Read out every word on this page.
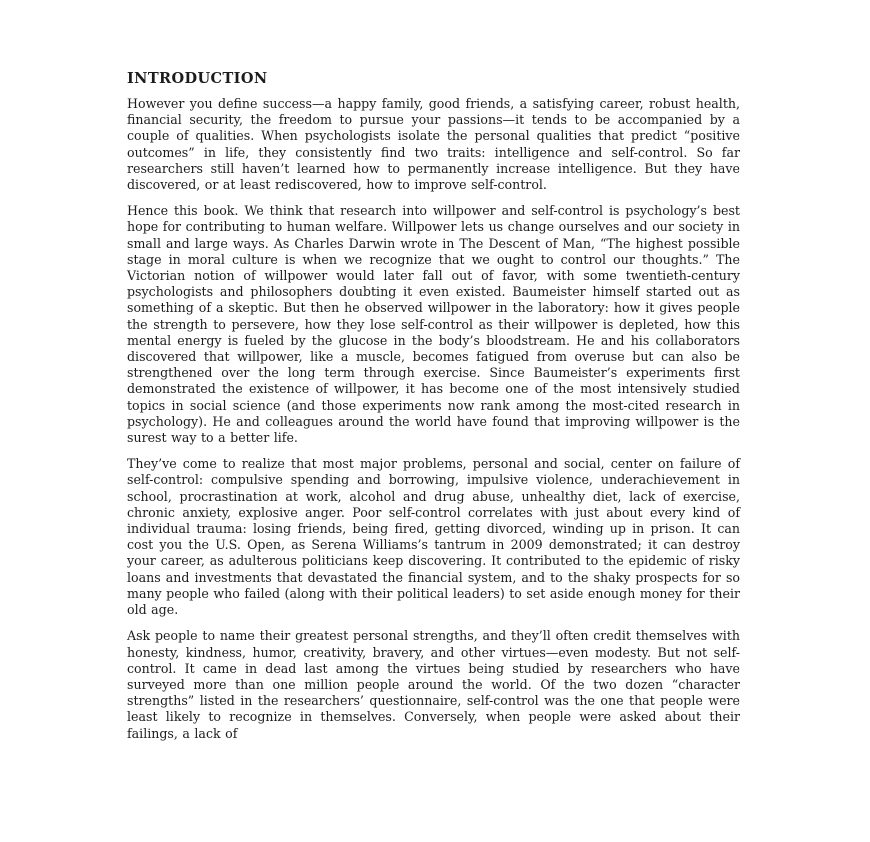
INTRODUCTION

However you define success—a happy family, good friends, a satisfying career, robust health, financial security, the freedom to pursue your passions—it tends to be accompanied by a couple of qualities. When psychologists isolate the personal qualities that predict “positive outcomes” in life, they consistently find two traits: intelligence and self-control. So far researchers still haven’t learned how to permanently increase intelligence. But they have discovered, or at least rediscovered, how to improve self-control.

Hence this book. We think that research into willpower and self-control is psychology’s best hope for contributing to human welfare. Willpower lets us change ourselves and our society in small and large ways. As Charles Darwin wrote in The Descent of Man, “The highest possible stage in moral culture is when we recognize that we ought to control our thoughts.” The Victorian notion of willpower would later fall out of favor, with some twentieth-century psychologists and philosophers doubting it even existed. Baumeister himself started out as something of a skeptic. But then he observed willpower in the laboratory: how it gives people the strength to persevere, how they lose self-control as their willpower is depleted, how this mental energy is fueled by the glucose in the body’s bloodstream. He and his collaborators discovered that willpower, like a muscle, becomes fatigued from overuse but can also be strengthened over the long term through exercise. Since Baumeister’s experiments first demonstrated the existence of willpower, it has become one of the most intensively studied topics in social science (and those experiments now rank among the most-cited research in psychology). He and colleagues around the world have found that improving willpower is the surest way to a better life.

They’ve come to realize that most major problems, personal and social, center on failure of self-control: compulsive spending and borrowing, impulsive violence, underachievement in school, procrastination at work, alcohol and drug abuse, unhealthy diet, lack of exercise, chronic anxiety, explosive anger. Poor self-control correlates with just about every kind of individual trauma: losing friends, being fired, getting divorced, winding up in prison. It can cost you the U.S. Open, as Serena Williams’s tantrum in 2009 demonstrated; it can destroy your career, as adulterous politicians keep discovering. It contributed to the epidemic of risky loans and investments that devastated the financial system, and to the shaky prospects for so many people who failed (along with their political leaders) to set aside enough money for their old age.

Ask people to name their greatest personal strengths, and they’ll often credit themselves with honesty, kindness, humor, creativity, bravery, and other virtues—even modesty. But not self-control. It came in dead last among the virtues being studied by researchers who have surveyed more than one million people around the world. Of the two dozen “character strengths” listed in the researchers’ questionnaire, self-control was the one that people were least likely to recognize in themselves. Conversely, when people were asked about their failings, a lack of
